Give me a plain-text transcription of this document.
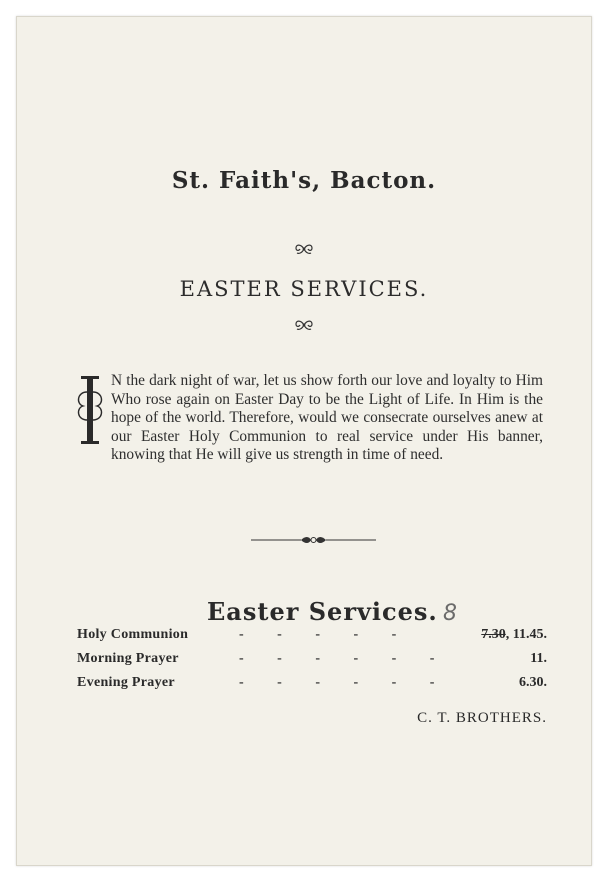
St. Faith's, Bacton.
EASTER SERVICES.
N the dark night of war, let us show forth our love and loyalty to Him Who rose again on Easter Day to be the Light of Life. In Him is the hope of the world. Therefore, would we consecrate ourselves anew at our Easter Holy Communion to real service under His banner, knowing that He will give us strength in time of need.
Easter Services. 8
Holy Communion	- - - - -	7.30, 11.45.
Morning Prayer	- - - - - -	11.
Evening Prayer	- - - - - -	6.30.
C. T. BROTHERS.
